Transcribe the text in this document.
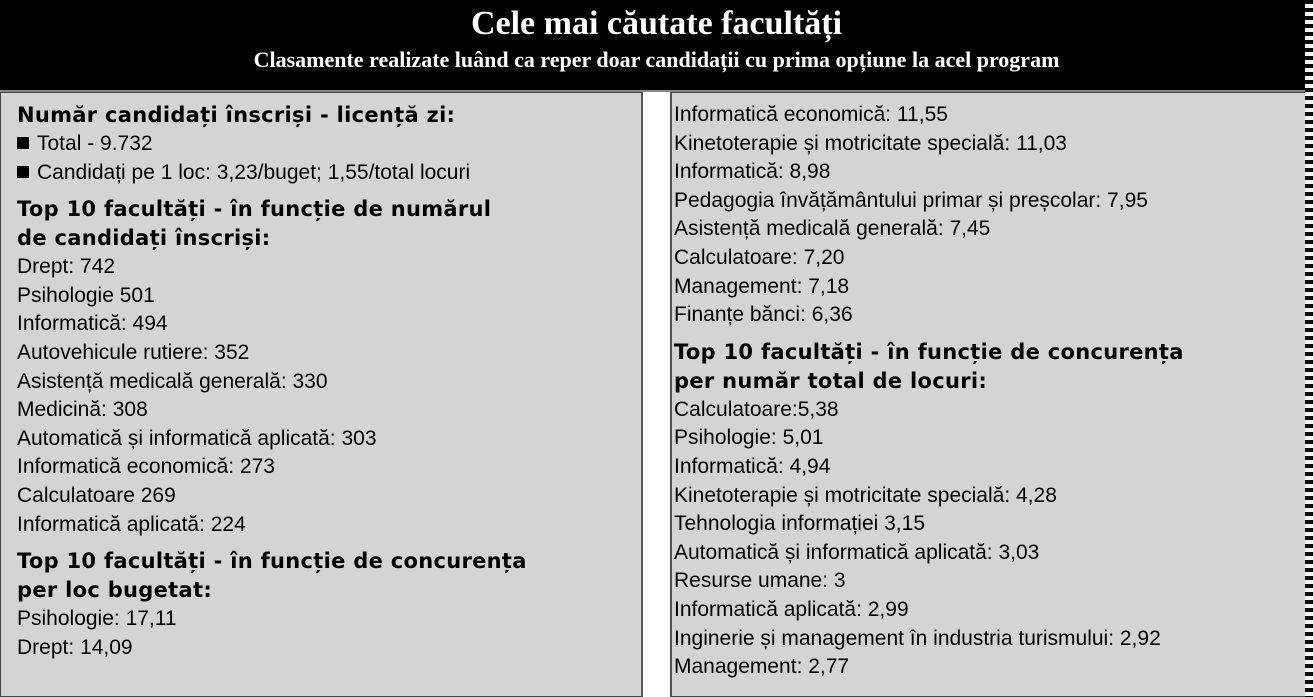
Cele mai căutate facultăți
Clasamente realizate luând ca reper doar candidații cu prima opțiune la acel program
Număr candidați înscriși - licență zi:
Total - 9.732
Candidați pe 1 loc: 3,23/buget; 1,55/total locuri
Top 10 facultăți - în funcție de numărul
de candidați înscriși:
Drept: 742
Psihologie 501
Informatică: 494
Autovehicule rutiere: 352
Asistență medicală generală: 330
Medicină: 308
Automatică și informatică aplicată: 303
Informatică economică: 273
Calculatoare 269
Informatică aplicată: 224
Top 10 facultăți - în funcție de concurența
per loc bugetat:
Psihologie: 17,11
Drept: 14,09
Informatică economică: 11,55
Kinetoterapie și motricitate specială: 11,03
Informatică: 8,98
Pedagogia învățământului primar și preșcolar: 7,95
Asistență medicală generală: 7,45
Calculatoare: 7,20
Management: 7,18
Finanțe bănci: 6,36
Top 10 facultăți - în funcție de concurența
per număr total de locuri:
Calculatoare:5,38
Psihologie: 5,01
Informatică: 4,94
Kinetoterapie și motricitate specială: 4,28
Tehnologia informației 3,15
Automatică și informatică aplicată: 3,03
Resurse umane: 3
Informatică aplicată: 2,99
Inginerie și management în industria turismului: 2,92
Management: 2,77
